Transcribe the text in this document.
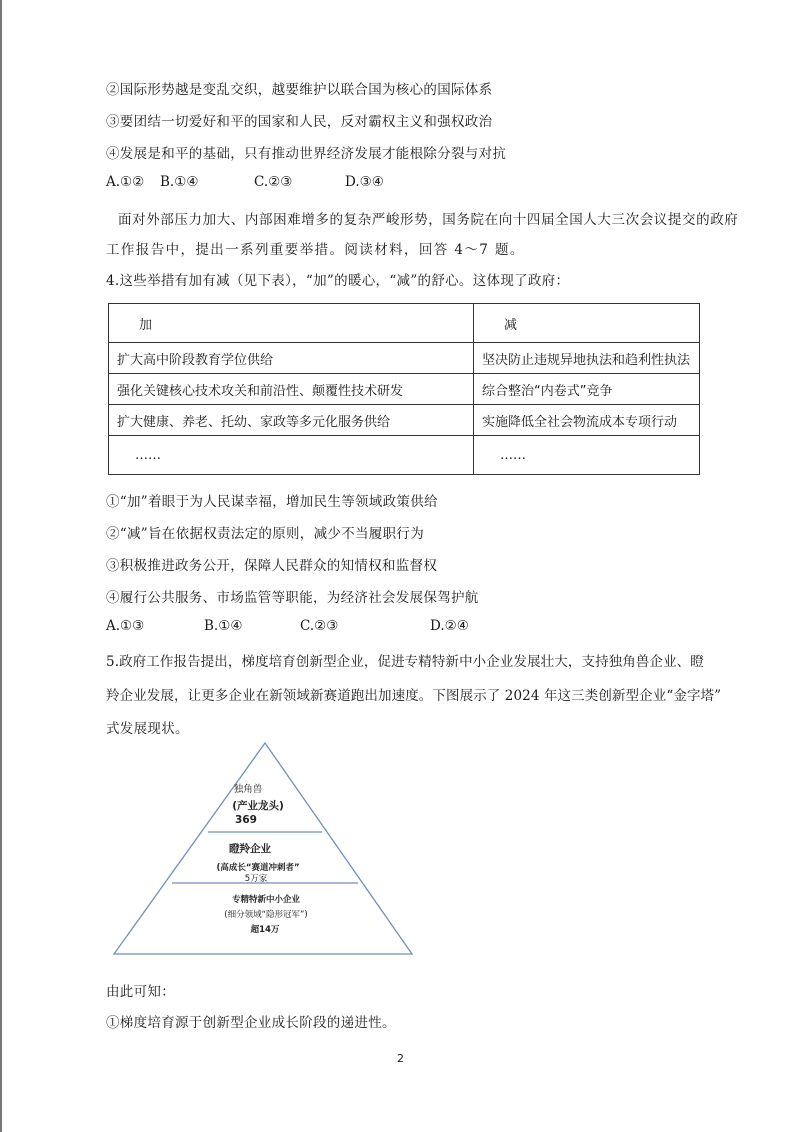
②国际形势越是变乱交织，越要维护以联合国为核心的国际体系
③要团结一切爱好和平的国家和人民，反对霸权主义和强权政治
④发展是和平的基础，只有推动世界经济发展才能根除分裂与对抗
A.①② B.①④	C.②③	D.③④
面对外部压力加大、内部困难增多的复杂严峻形势，国务院在向十四届全国人大三次会议提交的政府
工作报告中，提出一系列重要举措。阅读材料，回答 4～7 题。
4.这些举措有加有减（见下表），“加”的暖心，“减”的舒心。这体现了政府：
加	减
扩大高中阶段教育学位供给	坚决防止违规异地执法和趋利性执法
强化关键核心技术攻关和前沿性、颠覆性技术研发	综合整治“内卷式”竞争
扩大健康、养老、托幼、家政等多元化服务供给	实施降低全社会物流成本专项行动
……	……
①“加”着眼于为人民谋幸福，增加民生等领域政策供给
②“减”旨在依据权责法定的原则，减少不当履职行为
③积极推进政务公开，保障人民群众的知情权和监督权
④履行公共服务、市场监管等职能，为经济社会发展保驾护航
A.①③	B.①④	C.②③	D.②④
5.政府工作报告提出，梯度培育创新型企业，促进专精特新中小企业发展壮大，支持独角兽企业、瞪
羚企业发展，让更多企业在新领域新赛道跑出加速度。下图展示了 2024 年这三类创新型企业“金字塔”
式发展现状。
独角兽
(产业龙头)
369
瞪羚企业
(高成长“赛道冲刺者”
5万家
专精特新中小企业
(细分领域“隐形冠军”)
超14万
由此可知：
①梯度培育源于创新型企业成长阶段的递进性。
2
